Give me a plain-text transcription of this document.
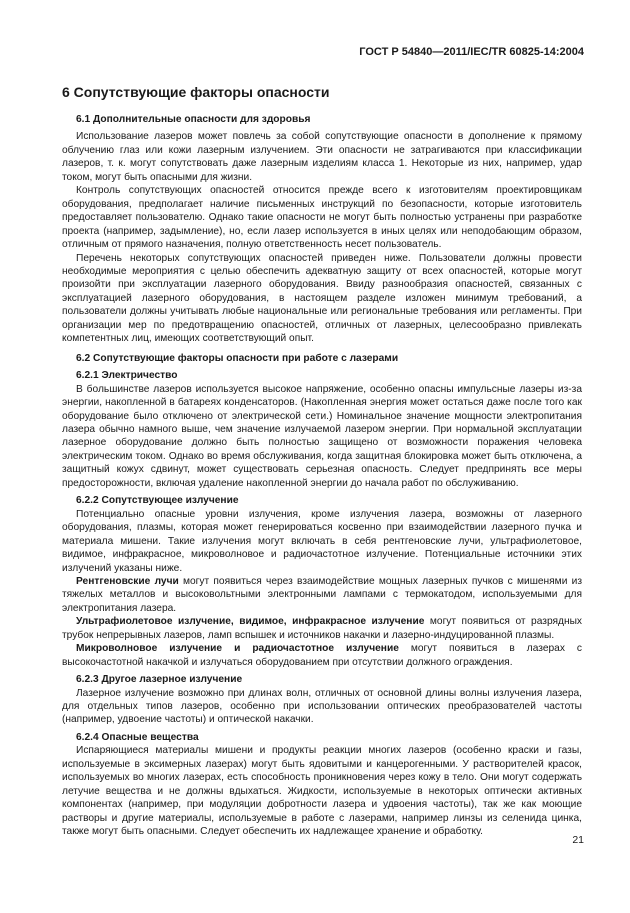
ГОСТ Р 54840—2011/IEC/TR 60825-14:2004
6 Сопутствующие факторы опасности
6.1 Дополнительные опасности для здоровья

Использование лазеров может повлечь за собой сопутствующие опасности в дополнение к прямому облучению глаз или кожи лазерным излучением. Эти опасности не затрагиваются при классификации лазеров, т. к. могут сопутствовать даже лазерным изделиям класса 1. Некоторые из них, например, удар током, могут быть опасными для жизни.

Контроль сопутствующих опасностей относится прежде всего к изготовителям проектировщикам оборудования, предполагает наличие письменных инструкций по безопасности, которые изготовитель предоставляет пользователю. Однако такие опасности не могут быть полностью устранены при разработке проекта (например, задымление), но, если лазер используется в иных целях или неподобающим образом, отличным от прямого назначения, полную ответственность несет пользователь.

Перечень некоторых сопутствующих опасностей приведен ниже. Пользователи должны провести необходимые мероприятия с целью обеспечить адекватную защиту от всех опасностей, которые могут произойти при эксплуатации лазерного оборудования. Ввиду разнообразия опасностей, связанных с эксплуатацией лазерного оборудования, в настоящем разделе изложен минимум требований, а пользователи должны учитывать любые национальные или региональные требования или регламенты. При организации мер по предотвращению опасностей, отличных от лазерных, целесообразно привлекать компетентных лиц, имеющих соответствующий опыт.

6.2 Сопутствующие факторы опасности при работе с лазерами
6.2.1 Электричество

В большинстве лазеров используется высокое напряжение, особенно опасны импульсные лазеры из-за энергии, накопленной в батареях конденсаторов. (Накопленная энергия может остаться даже после того как оборудование было отключено от электрической сети.) Номинальное значение мощности электропитания лазера обычно намного выше, чем значение излучаемой лазером энергии. При нормальной эксплуатации лазерное оборудование должно быть полностью защищено от возможности поражения человека электрическим током. Однако во время обслуживания, когда защитная блокировка может быть отключена, а защитный кожух сдвинут, может существовать серьезная опасность. Следует предпринять все меры предосторожности, включая удаление накопленной энергии до начала работ по обслуживанию.

6.2.2 Сопутствующее излучение

Потенциально опасные уровни излучения, кроме излучения лазера, возможны от лазерного оборудования, плазмы, которая может генерироваться косвенно при взаимодействии лазерного пучка и материала мишени. Такие излучения могут включать в себя рентгеновские лучи, ультрафиолетовое, видимое, инфракрасное, микроволновое и радиочастотное излучение. Потенциальные источники этих излучений указаны ниже.

Рентгеновские лучи могут появиться через взаимодействие мощных лазерных пучков с мишенями из тяжелых металлов и высоковольтными электронными лампами с термокатодом, используемыми для электропитания лазера.

Ультрафиолетовое излучение, видимое, инфракрасное излучение могут появиться от разрядных трубок непрерывных лазеров, ламп вспышек и источников накачки и лазерно-индуцированной плазмы.

Микроволновое излучение и радиочастотное излучение могут появиться в лазерах с высокочастотной накачкой и излучаться оборудованием при отсутствии должного ограждения.

6.2.3 Другое лазерное излучение

Лазерное излучение возможно при длинах волн, отличных от основной длины волны излучения лазера, для отдельных типов лазеров, особенно при использовании оптических преобразователей частоты (например, удвоение частоты) и оптической накачки.

6.2.4 Опасные вещества

Испаряющиеся материалы мишени и продукты реакции многих лазеров (особенно краски и газы, используемые в эксимерных лазерах) могут быть ядовитыми и канцерогенными. У растворителей красок, используемых во многих лазерах, есть способность проникновения через кожу в тело. Они могут содержать летучие вещества и не должны вдыхаться. Жидкости, используемые в некоторых оптически активных компонентах (например, при модуляции добротности лазера и удвоения частоты), так же как моющие растворы и другие материалы, используемые в работе с лазерами, например линзы из селенида цинка, также могут быть опасными. Следует обеспечить их надлежащее хранение и обработку.

21
